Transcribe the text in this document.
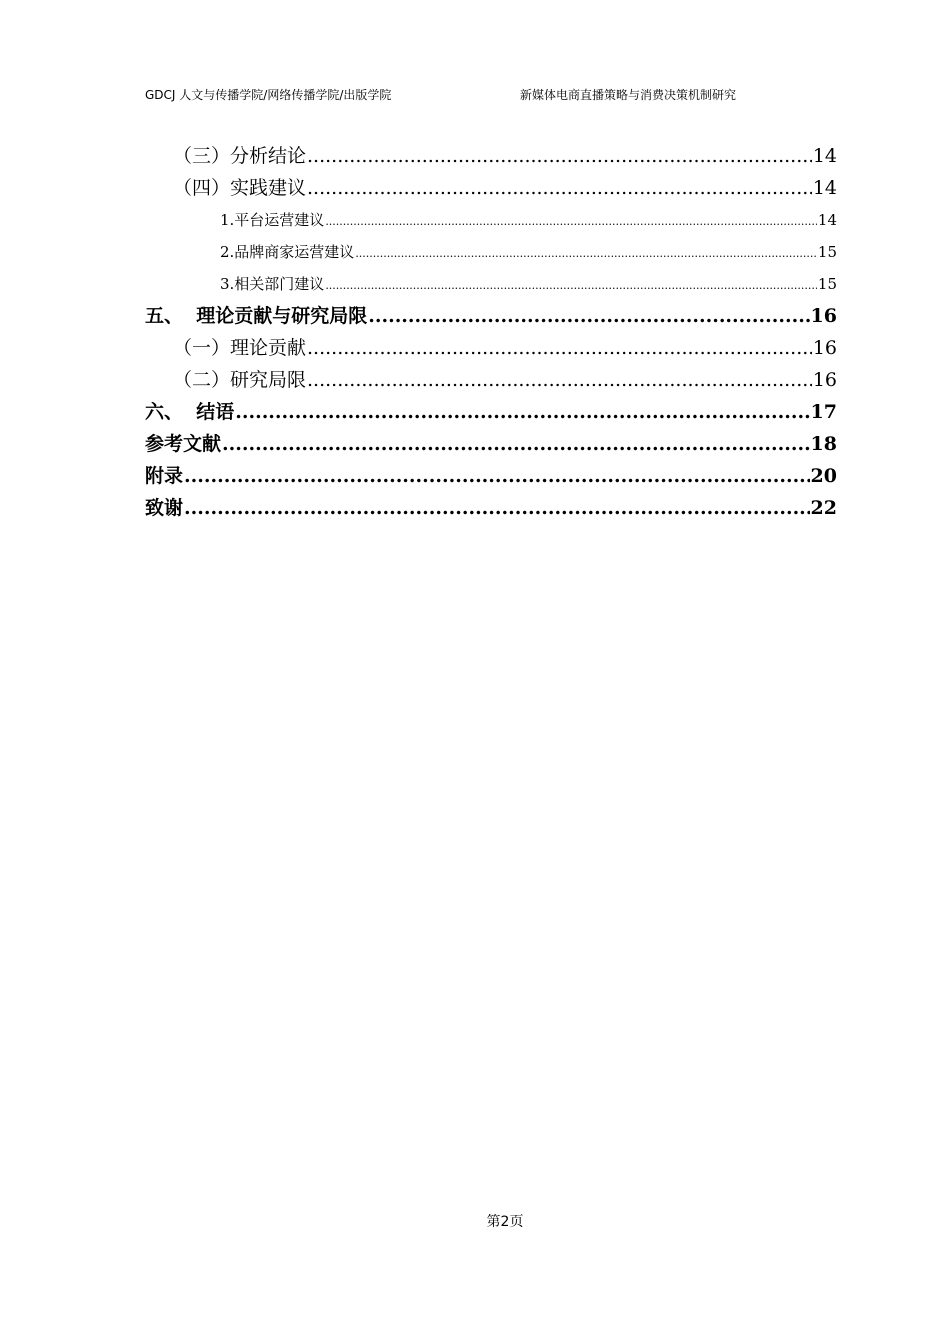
GDCJ 人文与传播学院/网络传播学院/出版学院	新媒体电商直播策略与消费决策机制研究
（三）分析结论 .....	14
（四）实践建议 .....	14
1.平台运营建议 .....	14
2.品牌商家运营建议 .....	15
3.相关部门建议 .....	15
五、  理论贡献与研究局限 .....	16
（一）理论贡献 .....	16
（二）研究局限 .....	16
六、  结语 .....	17
参考文献 .....	18
附录 .....	20
致谢 .....	22
第2页
